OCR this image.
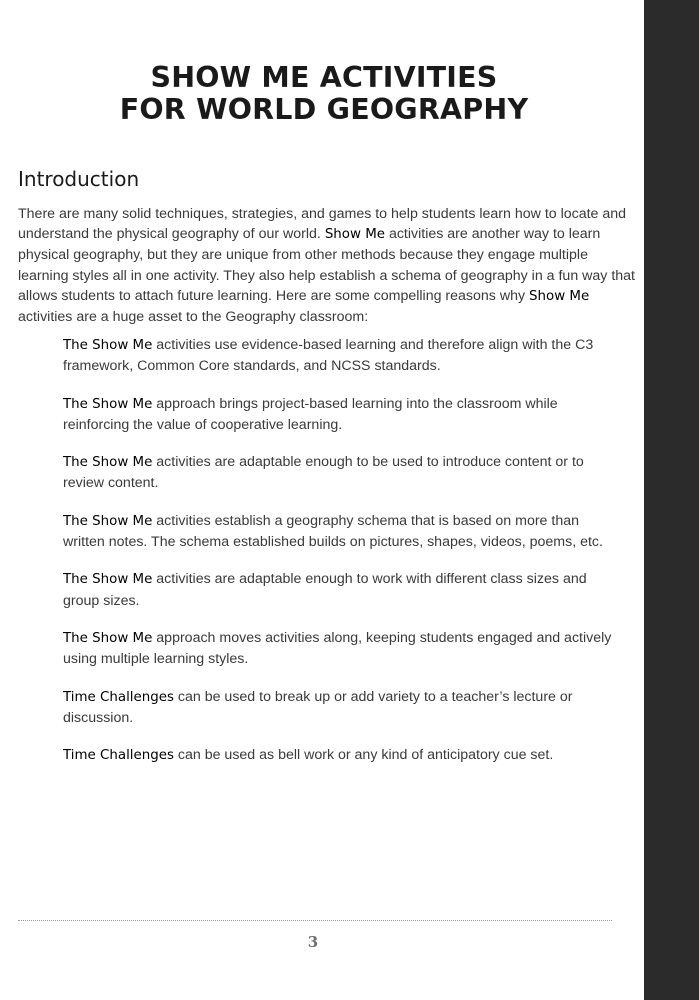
SHOW ME ACTIVITIES
FOR WORLD GEOGRAPHY
Introduction

There are many solid techniques, strategies, and games to help students learn how to locate and understand the physical geography of our world. Show Me activities are another way to learn physical geography, but they are unique from other methods because they engage multiple learning styles all in one activity. They also help establish a schema of geography in a fun way that allows students to attach future learning. Here are some compelling reasons why Show Me activities are a huge asset to the Geography classroom:

The Show Me activities use evidence-based learning and therefore align with the C3 framework, Common Core standards, and NCSS standards.
The Show Me approach brings project-based learning into the classroom while reinforcing the value of cooperative learning.
The Show Me activities are adaptable enough to be used to introduce content or to review content.
The Show Me activities establish a geography schema that is based on more than written notes. The schema established builds on pictures, shapes, videos, poems, etc.
The Show Me activities are adaptable enough to work with different class sizes and group sizes.
The Show Me approach moves activities along, keeping students engaged and actively using multiple learning styles.
Time Challenges can be used to break up or add variety to a teacher’s lecture or discussion.
Time Challenges can be used as bell work or any kind of anticipatory cue set.
3
